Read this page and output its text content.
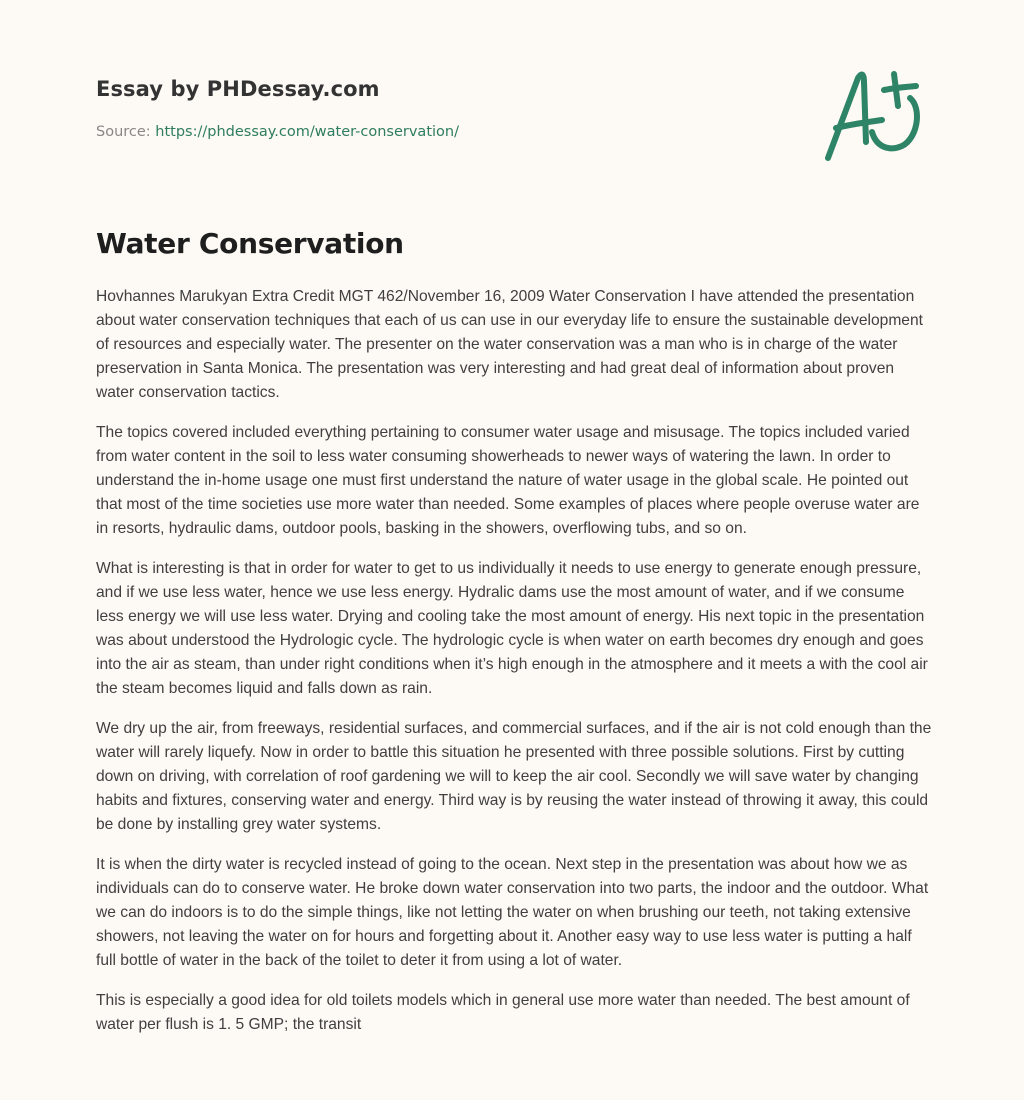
Essay by PHDessay.com
Source: https://phdessay.com/water-conservation/
Water Conservation

Hovhannes Marukyan Extra Credit MGT 462/November 16, 2009 Water Conservation I have attended the presentation about water conservation techniques that each of us can use in our everyday life to ensure the sustainable development of resources and especially water. The presenter on the water conservation was a man who is in charge of the water preservation in Santa Monica. The presentation was very interesting and had great deal of information about proven water conservation tactics.

The topics covered included everything pertaining to consumer water usage and misusage. The topics included varied from water content in the soil to less water consuming showerheads to newer ways of watering the lawn. In order to understand the in-home usage one must first understand the nature of water usage in the global scale. He pointed out that most of the time societies use more water than needed. Some examples of places where people overuse water are in resorts, hydraulic dams, outdoor pools, basking in the showers, overflowing tubs, and so on.

What is interesting is that in order for water to get to us individually it needs to use energy to generate enough pressure, and if we use less water, hence we use less energy. Hydralic dams use the most amount of water, and if we consume less energy we will use less water. Drying and cooling take the most amount of energy. His next topic in the presentation was about understood the Hydrologic cycle. The hydrologic cycle is when water on earth becomes dry enough and goes into the air as steam, than under right conditions when it’s high enough in the atmosphere and it meets a with the cool air the steam becomes liquid and falls down as rain.

We dry up the air, from freeways, residential surfaces, and commercial surfaces, and if the air is not cold enough than the water will rarely liquefy. Now in order to battle this situation he presented with three possible solutions. First by cutting down on driving, with correlation of roof gardening we will to keep the air cool. Secondly we will save water by changing habits and fixtures, conserving water and energy. Third way is by reusing the water instead of throwing it away, this could be done by installing grey water systems.

It is when the dirty water is recycled instead of going to the ocean. Next step in the presentation was about how we as individuals can do to conserve water. He broke down water conservation into two parts, the indoor and the outdoor. What we can do indoors is to do the simple things, like not letting the water on when brushing our teeth, not taking extensive showers, not leaving the water on for hours and forgetting about it. Another easy way to use less water is putting a half full bottle of water in the back of the toilet to deter it from using a lot of water.

This is especially a good idea for old toilets models which in general use more water than needed. The best amount of water per flush is 1. 5 GMP; the transit
